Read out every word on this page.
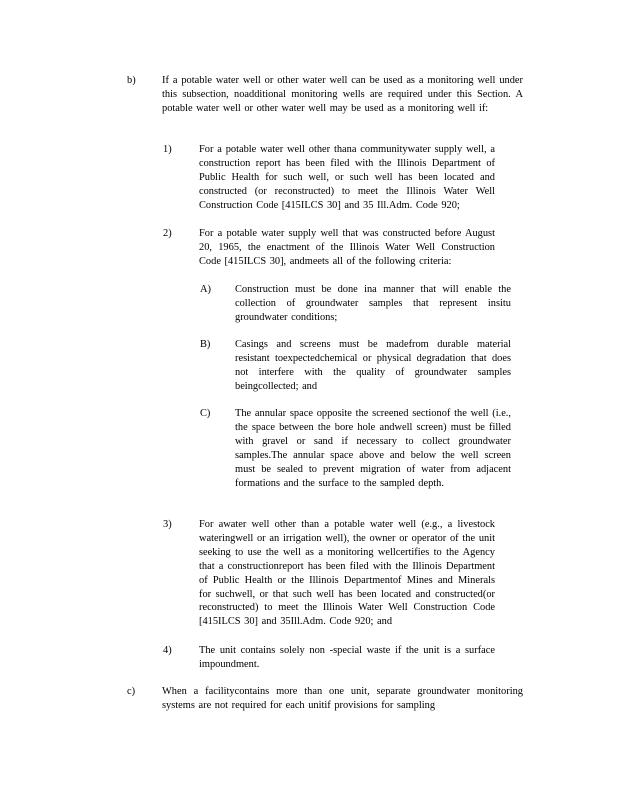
b)	If a potable water well or other water well can be used as a monitoring well under this subsection, noadditional monitoring wells are required under this Section. A potable water well or other water well may be used as a monitoring well if:
1)	For a potable water well other thana communitywater supply well, a construction report has been filed with the Illinois Department of Public Health for such well, or such well has been located and constructed (or reconstructed) to meet the Illinois Water Well Construction Code [415ILCS 30] and 35 Ill.Adm. Code 920;
2)	For a potable water supply well that was constructed before August 20, 1965, the enactment of the Illinois Water Well Construction Code [415ILCS 30], andmeets all of the following criteria:
A) Construction must be done ina manner that will enable the collection of groundwater samples that represent insitu groundwater conditions;
B) Casings and screens must be madefrom durable material resistant toexpectedchemical or physical degradation that does not interfere with the quality of groundwater samples beingcollected; and
C) The annular space opposite the screened sectionof the well (i.e., the space between the bore hole andwell screen) must be filled with gravel or sand if necessary to collect groundwater samples.The annular space above and below the well screen must be sealed to prevent migration of water from adjacent formations and the surface to the sampled depth.
3)	For awater well other than a potable water well (e.g., a livestock wateringwell or an irrigation well), the owner or operator of the unit seeking to use the well as a monitoring wellcertifies to the Agency that a constructionreport has been filed with the Illinois Department of Public Health or the Illinois Departmentof Mines and Minerals for suchwell, or that such well has been located and constructed(or reconstructed) to meet the Illinois Water Well Construction Code [415ILCS 30] and 35Ill.Adm. Code 920; and
4)	The unit contains solely non -special waste if the unit is a surface impoundment.
c)	When a facilitycontains more than one unit, separate groundwater monitoring systems are not required for each unitif provisions for sampling
